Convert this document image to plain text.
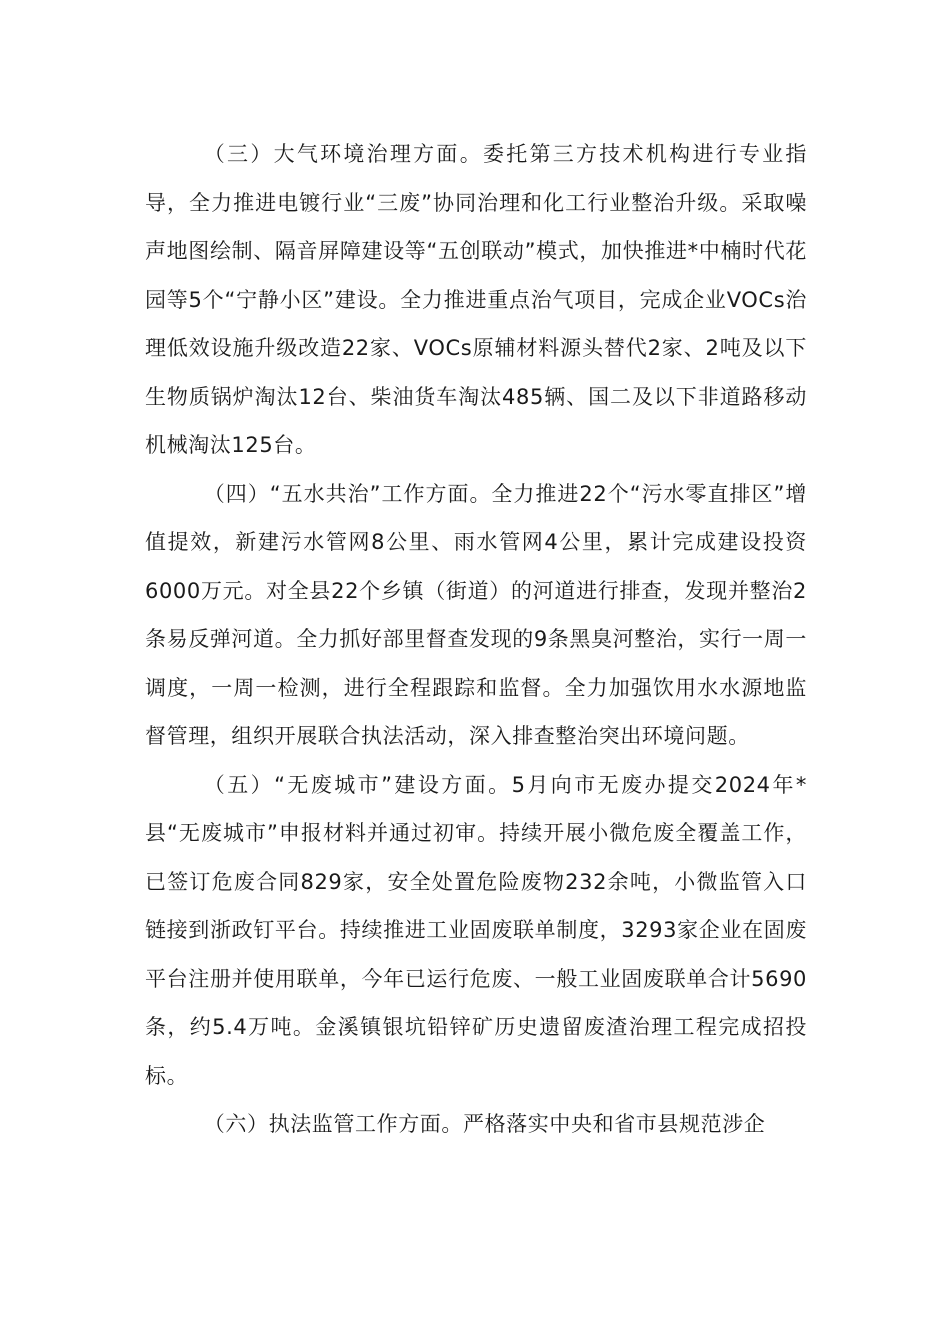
（三）大气环境治理方面。委托第三方技术机构进行专业指导，全力推进电镀行业“三废”协同治理和化工行业整治升级。采取噪声地图绘制、隔音屏障建设等“五创联动”模式，加快推进*中楠时代花园等5个“宁静小区”建设。全力推进重点治气项目，完成企业VOCs治理低效设施升级改造22家、VOCs原辅材料源头替代2家、2吨及以下生物质锅炉淘汰12台、柴油货车淘汰485辆、国二及以下非道路移动机械淘汰125台。

（四）“五水共治”工作方面。全力推进22个“污水零直排区”增值提效，新建污水管网8公里、雨水管网4公里，累计完成建设投资6000万元。对全县22个乡镇（街道）的河道进行排查，发现并整治2条易反弹河道。全力抓好部里督查发现的9条黑臭河整治，实行一周一调度，一周一检测，进行全程跟踪和监督。全力加强饮用水水源地监督管理，组织开展联合执法活动，深入排查整治突出环境问题。

（五）“无废城市”建设方面。5月向市无废办提交2024年*县“无废城市”申报材料并通过初审。持续开展小微危废全覆盖工作，已签订危废合同829家，安全处置危险废物232余吨，小微监管入口链接到浙政钉平台。持续推进工业固废联单制度，3293家企业在固废平台注册并使用联单，今年已运行危废、一般工业固废联单合计5690条，约5.4万吨。金溪镇银坑铅锌矿历史遗留废渣治理工程完成招投标。

（六）执法监管工作方面。严格落实中央和省市县规范涉企
